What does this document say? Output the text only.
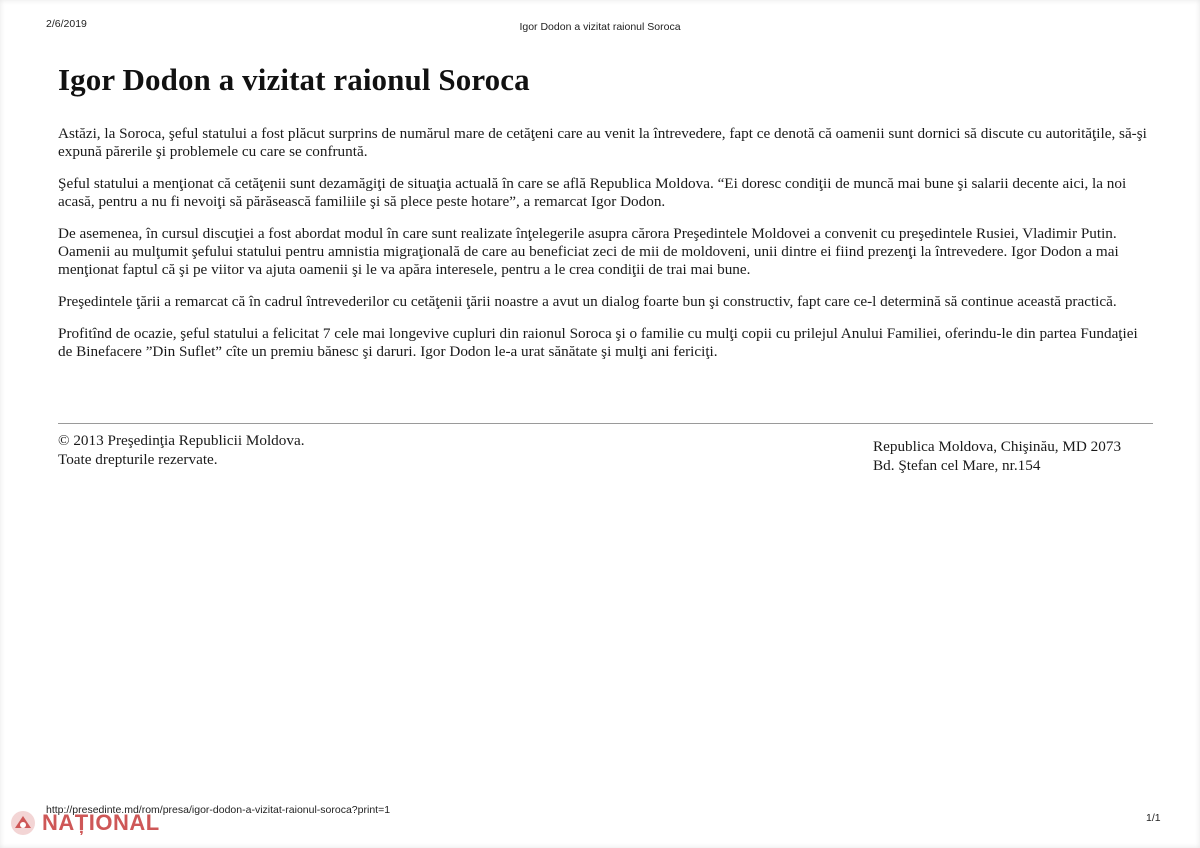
2/6/2019	Igor Dodon a vizitat raionul Soroca
Igor Dodon a vizitat raionul Soroca

Astăzi, la Soroca, şeful statului a fost plăcut surprins de numărul mare de cetăţeni care au venit la întrevedere, fapt ce denotă că oamenii sunt dornici să discute cu autorităţile, să-şi expună părerile şi problemele cu care se confruntă.

Şeful statului a menţionat că cetăţenii sunt dezamăgiţi de situaţia actuală în care se află Republica Moldova. “Ei doresc condiţii de muncă mai bune şi salarii decente aici, la noi acasă, pentru a nu fi nevoiţi să părăsească familiile şi să plece peste hotare”, a remarcat Igor Dodon.

De asemenea, în cursul discuţiei a fost abordat modul în care sunt realizate înţelegerile asupra cărora Preşedintele Moldovei a convenit cu preşedintele Rusiei, Vladimir Putin. Oamenii au mulţumit şefului statului pentru amnistia migraţională de care au beneficiat zeci de mii de moldoveni, unii dintre ei fiind prezenţi la întrevedere. Igor Dodon a mai menţionat faptul că şi pe viitor va ajuta oamenii şi le va apăra interesele, pentru a le crea condiţii de trai mai bune.

Preşedintele ţării a remarcat că în cadrul întrevederilor cu cetăţenii ţării noastre a avut un dialog foarte bun şi constructiv, fapt care ce-l determină să continue această practică.

Profitînd de ocazie, şeful statului a felicitat 7 cele mai longevive cupluri din raionul Soroca şi o familie cu mulţi copii cu prilejul Anului Familiei, oferindu-le din partea Fundaţiei de Binefacere ”Din Suflet” cîte un premiu bănesc şi daruri. Igor Dodon le-a urat sănătate şi mulţi ani fericiţi.

© 2013 Preşedinţia Republicii Moldova.
Toate drepturile rezervate.
Republica Moldova, Chişinău, MD 2073
Bd. Ştefan cel Mare, nr.154
http://presedinte.md/rom/presa/igor-dodon-a-vizitat-raionul-soroca?print=1
1/1
NAȚIONAL
